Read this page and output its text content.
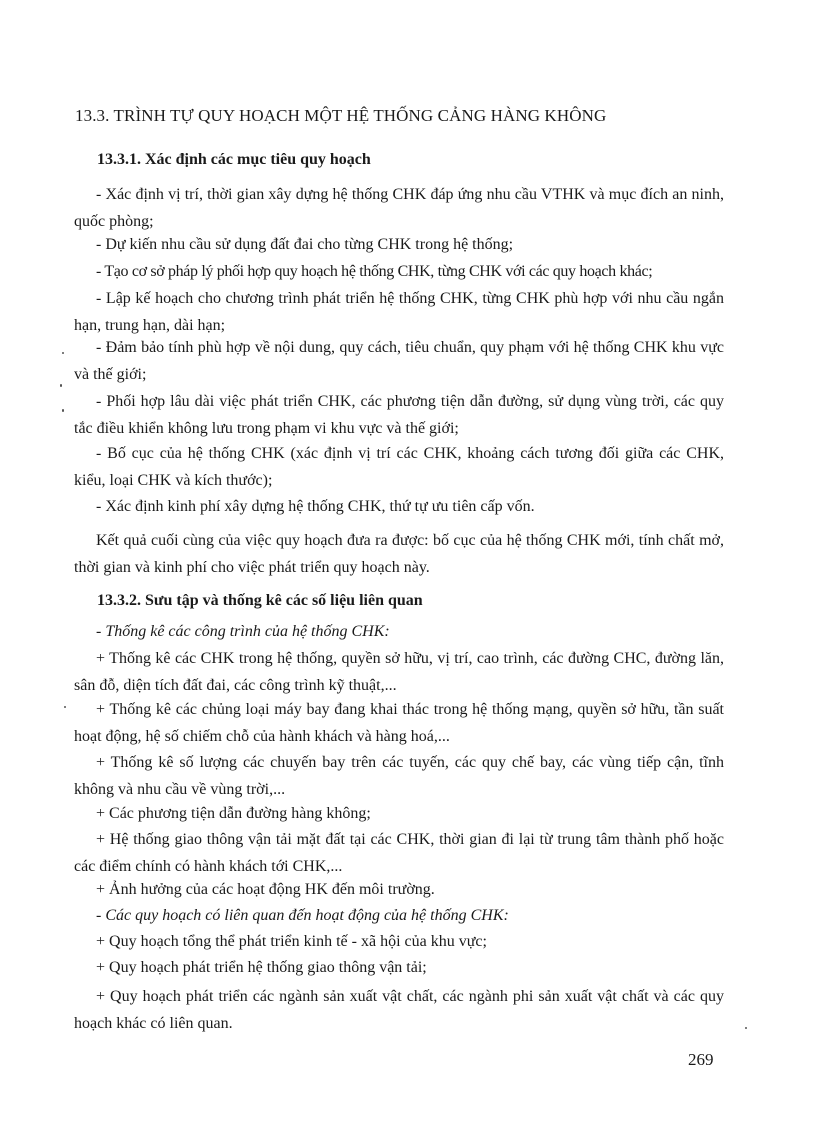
13.3. TRÌNH TỰ QUY HOẠCH MỘT HỆ THỐNG CẢNG HÀNG KHÔNG
13.3.1. Xác định các mục tiêu quy hoạch
- Xác định vị trí, thời gian xây dựng hệ thống CHK đáp ứng nhu cầu VTHK và mục đích an ninh, quốc phòng;
- Dự kiến nhu cầu sử dụng đất đai cho từng CHK trong hệ thống;
- Tạo cơ sở pháp lý phối hợp quy hoạch hệ thống CHK, từng CHK với các quy hoạch khác;
- Lập kế hoạch cho chương trình phát triển hệ thống CHK, từng CHK phù hợp với nhu cầu ngắn hạn, trung hạn, dài hạn;
- Đảm bảo tính phù hợp về nội dung, quy cách, tiêu chuẩn, quy phạm với hệ thống CHK khu vực và thế giới;
- Phối hợp lâu dài việc phát triển CHK, các phương tiện dẫn đường, sử dụng vùng trời, các quy tắc điều khiển không lưu trong phạm vi khu vực và thế giới;
- Bố cục của hệ thống CHK (xác định vị trí các CHK, khoảng cách tương đối giữa các CHK, kiểu, loại CHK và kích thước);
- Xác định kinh phí xây dựng hệ thống CHK, thứ tự ưu tiên cấp vốn.
Kết quả cuối cùng của việc quy hoạch đưa ra được: bố cục của hệ thống CHK mới, tính chất mở, thời gian và kinh phí cho việc phát triển quy hoạch này.
13.3.2. Sưu tập và thống kê các số liệu liên quan
- Thống kê các công trình của hệ thống CHK:
+ Thống kê các CHK trong hệ thống, quyền sở hữu, vị trí, cao trình, các đường CHC, đường lăn, sân đỗ, diện tích đất đai, các công trình kỹ thuật,...
+ Thống kê các chủng loại máy bay đang khai thác trong hệ thống mạng, quyền sở hữu, tần suất hoạt động, hệ số chiếm chỗ của hành khách và hàng hoá,...
+ Thống kê số lượng các chuyến bay trên các tuyến, các quy chế bay, các vùng tiếp cận, tĩnh không và nhu cầu về vùng trời,...
+ Các phương tiện dẫn đường hàng không;
+ Hệ thống giao thông vận tải mặt đất tại các CHK, thời gian đi lại từ trung tâm thành phố hoặc các điểm chính có hành khách tới CHK,...
+ Ảnh hưởng của các hoạt động HK đến môi trường.
- Các quy hoạch có liên quan đến hoạt động của hệ thống CHK:
+ Quy hoạch tổng thể phát triển kinh tế - xã hội của khu vực;
+ Quy hoạch phát triển hệ thống giao thông vận tải;
+ Quy hoạch phát triển các ngành sản xuất vật chất, các ngành phi sản xuất vật chất và các quy hoạch khác có liên quan.
269
